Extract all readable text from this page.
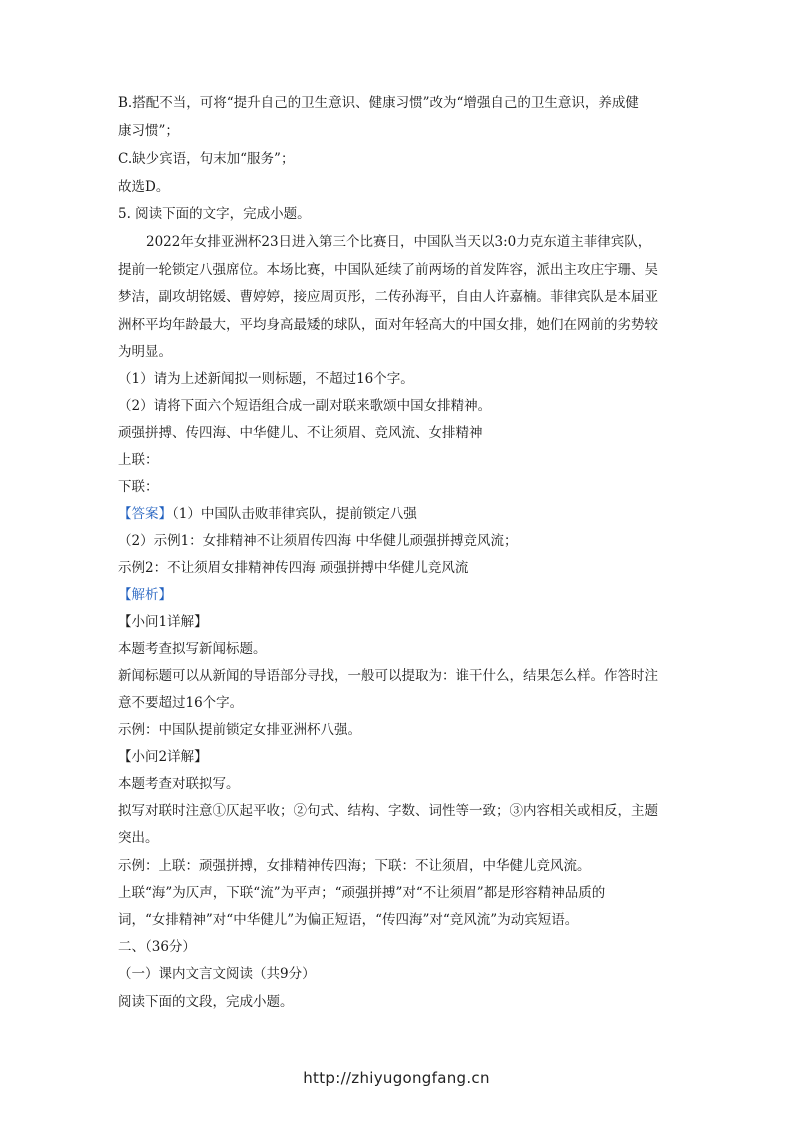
B.搭配不当，可将“提升自己的卫生意识、健康习惯”改为“增强自己的卫生意识，养成健
康习惯”；
C.缺少宾语，句末加“服务”；
故选D。
5. 阅读下面的文字，完成小题。
2022年女排亚洲杯23日进入第三个比赛日，中国队当天以3:0力克东道主菲律宾队，
提前一轮锁定八强席位。本场比赛，中国队延续了前两场的首发阵容，派出主攻庄宇珊、吴
梦洁，副攻胡铭媛、曹婷婷，接应周页彤，二传孙海平，自由人许嘉楠。菲律宾队是本届亚
洲杯平均年龄最大，平均身高最矮的球队，面对年轻高大的中国女排，她们在网前的劣势较
为明显。
（1）请为上述新闻拟一则标题，不超过16个字。
（2）请将下面六个短语组合成一副对联来歌颂中国女排精神。
顽强拼搏、传四海、中华健儿、不让须眉、竞风流、女排精神
上联：
下联：
【答案】（1）中国队击败菲律宾队，提前锁定八强
（2）示例1：女排精神不让须眉传四海 中华健儿顽强拼搏竞风流；
示例2：不让须眉女排精神传四海 顽强拼搏中华健儿竞风流
【解析】
【小问1详解】
本题考查拟写新闻标题。
新闻标题可以从新闻的导语部分寻找，一般可以提取为：谁干什么，结果怎么样。作答时注
意不要超过16个字。
示例：中国队提前锁定女排亚洲杯八强。
【小问2详解】
本题考查对联拟写。
拟写对联时注意①仄起平收；②句式、结构、字数、词性等一致；③内容相关或相反，主题
突出。
示例：上联：顽强拼搏，女排精神传四海；下联：不让须眉，中华健儿竞风流。
上联“海”为仄声，下联“流”为平声；“顽强拼搏”对“不让须眉”都是形容精神品质的
词，“女排精神”对“中华健儿”为偏正短语，“传四海”对“竞风流”为动宾短语。
二、（36分）
（一）课内文言文阅读（共9分）
阅读下面的文段，完成小题。
http://zhiyugongfang.cn
